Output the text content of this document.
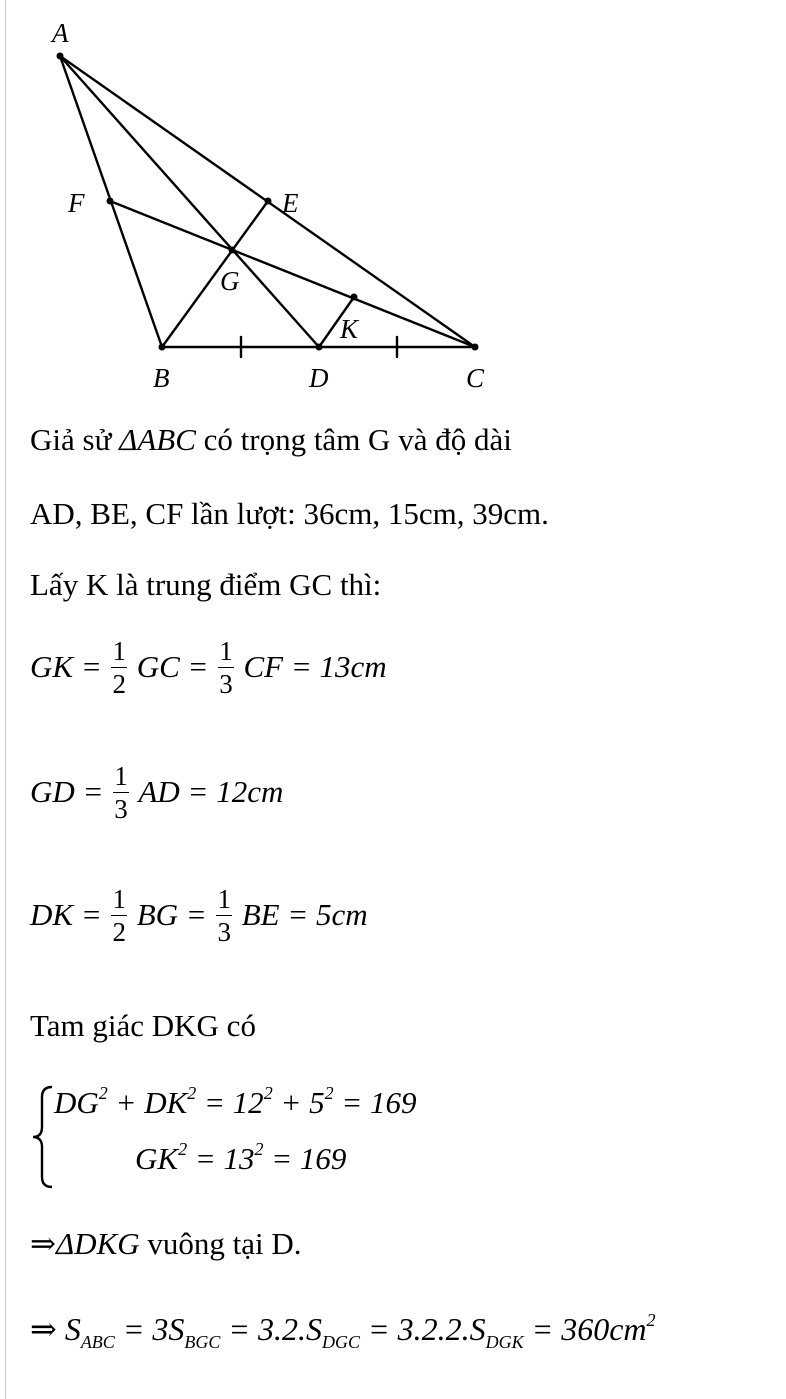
A
B	C
D
E
F
G
K
Giả sử ΔABC có trọng tâm G và độ dài
AD, BE, CF lần lượt: 36cm, 15cm, 39cm.
Lấy K là trung điểm GC thì:
GK = $\frac{1}{2}$ GC = $\frac{1}{3}$ CF = 13cm
GD = $\frac{1}{3}$ AD = 12cm
DK = $\frac{1}{2}$ BG = $\frac{1}{3}$ BE = 5cm
Tam giác DKG có
$DG^2 + DK^2 = 12^2 + 5^2 = 169$
$GK^2 = 13^2 = 169$
⇒ΔDKG vuông tại D.
⇒ $S_{ABC} = 3S_{BGC} = 3.2.S_{DGC} = 3.2.2.S_{DGK} = 360cm^2$
